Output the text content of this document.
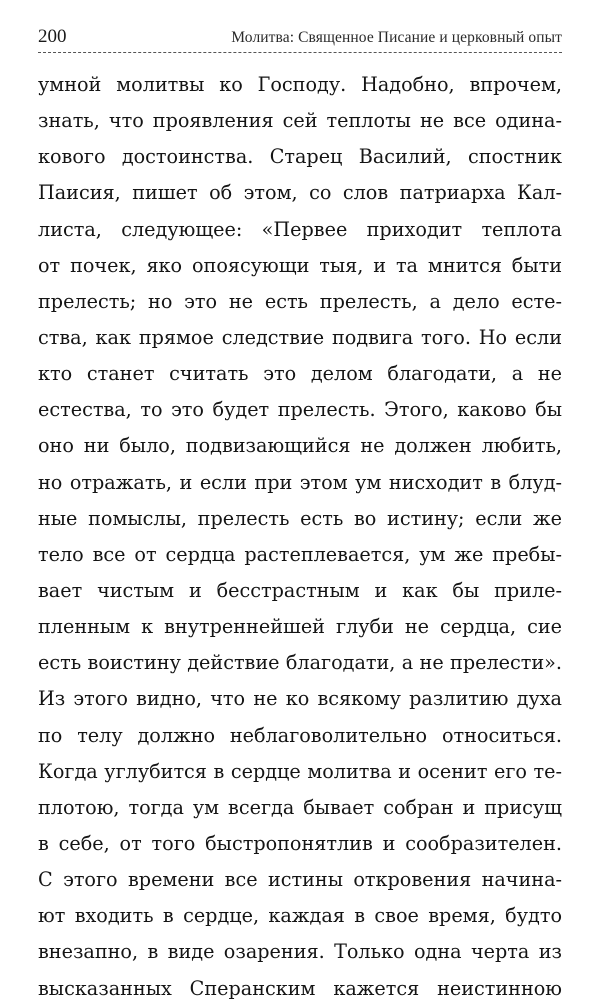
200	Молитва: Священное Писание и церковный опыт
умной молитвы ко Господу. Надобно, впрочем,
знать, что проявления сей теплоты не все одина-
кового достоинства. Старец Василий, спостник
Паисия, пишет об этом, со слов патриарха Кал-
листа, следующее: «Первее приходит теплота
от почек, яко опоясующи тыя, и та мнится быти
прелесть; но это не есть прелесть, а дело есте-
ства, как прямое следствие подвига того. Но если
кто станет считать это делом благодати, а не
естества, то это будет прелесть. Этого, каково бы
оно ни было, подвизающийся не должен любить,
но отражать, и если при этом ум нисходит в блуд-
ные помыслы, прелесть есть во истину; если же
тело все от сердца растеплевается, ум же пребы-
вает чистым и бесстрастным и как бы приле-
пленным к внутреннейшей глуби не сердца, сие
есть воистину действие благодати, а не прелести».
Из этого видно, что не ко всякому разлитию духа
по телу должно неблаговолительно относиться.
Когда углубится в сердце молитва и осенит его те-
плотою, тогда ум всегда бывает собран и присущ
в себе, от того быстропонятлив и сообразителен.
С этого времени все истины откровения начина-
ют входить в сердце, каждая в свое время, будто
внезапно, в виде озарения. Только одна черта из
высказанных Сперанским кажется неистинною
